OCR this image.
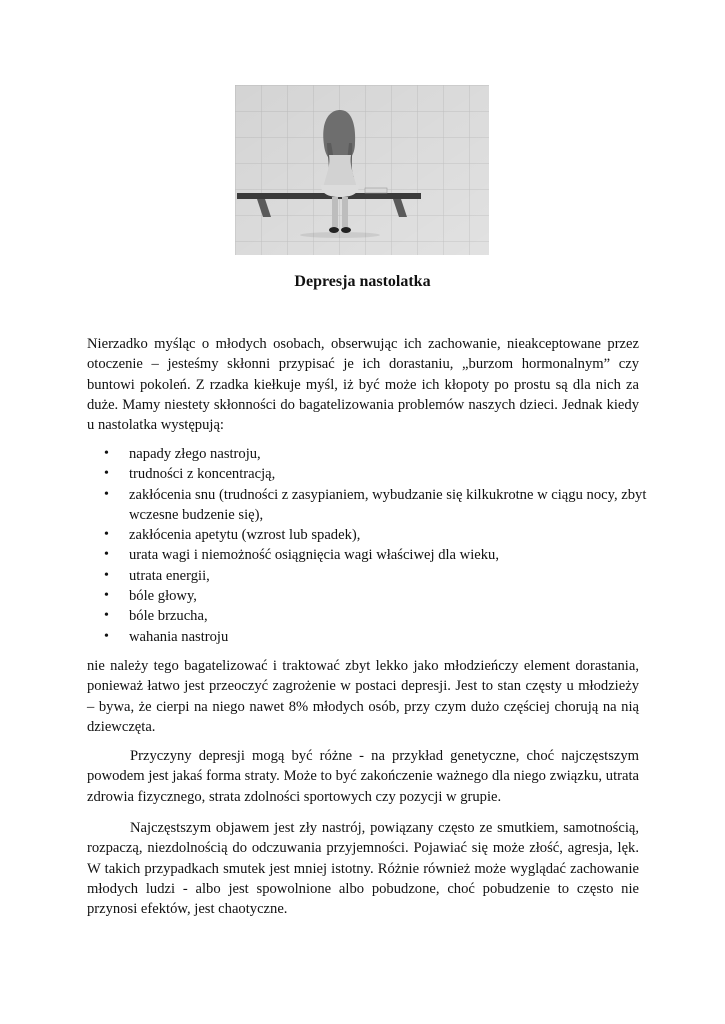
Depresja nastolatka
Nierzadko myśląc o młodych osobach, obserwując ich zachowanie, nieakceptowane przez otoczenie – jesteśmy skłonni przypisać je ich dorastaniu, „burzom hormonalnym” czy buntowi pokoleń. Z rzadka kiełkuje myśl, iż być może ich kłopoty po prostu są dla nich za duże. Mamy niestety skłonności do bagatelizowania problemów naszych dzieci. Jednak kiedy u nastolatka występują:
• napady złego nastroju,
• trudności z koncentracją,
• zakłócenia snu (trudności z zasypianiem, wybudzanie się kilkukrotne w ciągu nocy, zbyt wczesne budzenie się),
• zakłócenia apetytu (wzrost lub spadek),
• urata wagi i niemożność osiągnięcia wagi właściwej dla wieku,
• utrata energii,
• bóle głowy,
• bóle brzucha,
• wahania nastroju
nie należy tego bagatelizować i traktować zbyt lekko jako młodzieńczy element dorastania, ponieważ łatwo jest przeoczyć zagrożenie w postaci depresji. Jest to stan częsty u młodzieży – bywa, że cierpi na niego nawet 8% młodych osób, przy czym dużo częściej chorują na nią dziewczęta.
Przyczyny depresji mogą być różne - na przykład genetyczne, choć najczęstszym powodem jest jakaś forma straty. Może to być zakończenie ważnego dla niego związku, utrata zdrowia fizycznego, strata zdolności sportowych czy pozycji w grupie.
Najczęstszym objawem jest zły nastrój, powiązany często ze smutkiem, samotnością, rozpaczą, niezdolnością do odczuwania przyjemności. Pojawiać się może złość, agresja, lęk. W takich przypadkach smutek jest mniej istotny. Różnie również może wyglądać zachowanie młodych ludzi - albo jest spowolnione albo pobudzone, choć pobudzenie to często nie przynosi efektów, jest chaotyczne.
